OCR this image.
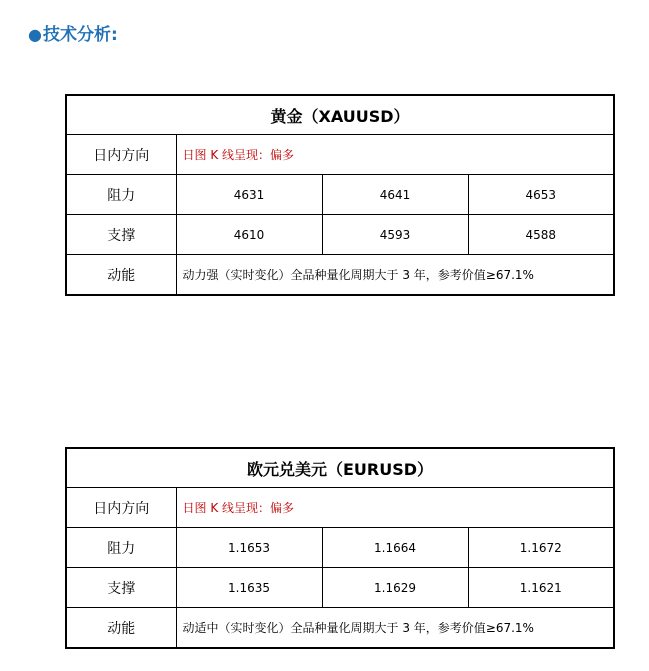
●技术分析:
黄金（XAUUSD）			
日内方向	日图 K 线呈现：偏多		
阻力	4631	4641	4653
支撑	4610	4593	4588
动能	动力强（实时变化）全品种量化周期大于 3 年，参考价值≥67.1%		
欧元兑美元（EURUSD）			
日内方向	日图 K 线呈现：偏多		
阻力	1.1653	1.1664	1.1672
支撑	1.1635	1.1629	1.1621
动能	动适中（实时变化）全品种量化周期大于 3 年，参考价值≥67.1%		
